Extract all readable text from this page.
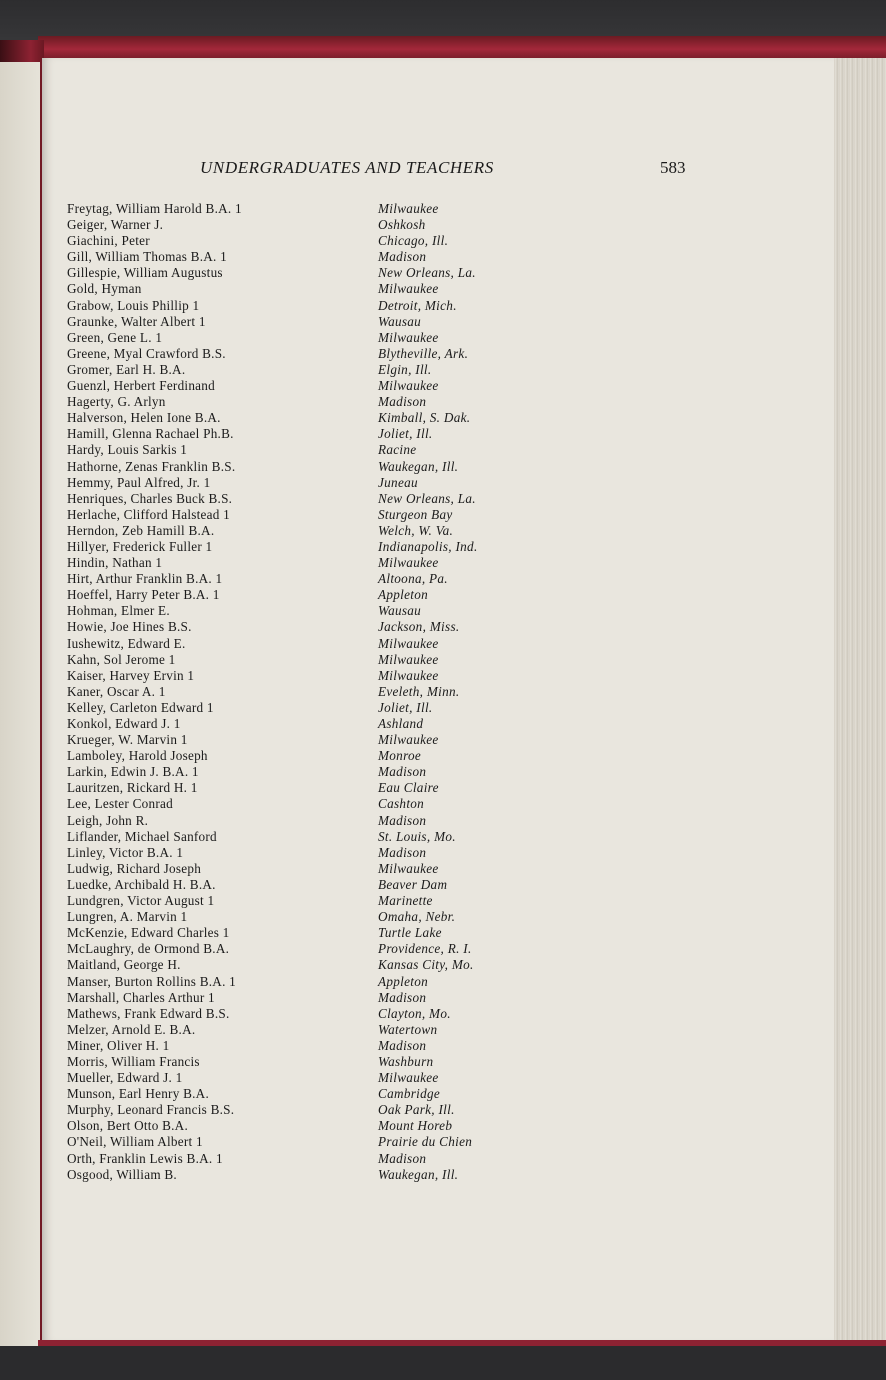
UNDERGRADUATES AND TEACHERS	583
Freytag, William Harold B.A. 1	Milwaukee
Geiger, Warner J.	Oshkosh
Giachini, Peter	Chicago, Ill.
Gill, William Thomas B.A. 1	Madison
Gillespie, William Augustus	New Orleans, La.
Gold, Hyman	Milwaukee
Grabow, Louis Phillip 1	Detroit, Mich.
Graunke, Walter Albert 1	Wausau
Green, Gene L. 1	Milwaukee
Greene, Myal Crawford B.S.	Blytheville, Ark.
Gromer, Earl H. B.A.	Elgin, Ill.
Guenzl, Herbert Ferdinand	Milwaukee
Hagerty, G. Arlyn	Madison
Halverson, Helen Ione B.A.	Kimball, S. Dak.
Hamill, Glenna Rachael Ph.B.	Joliet, Ill.
Hardy, Louis Sarkis 1	Racine
Hathorne, Zenas Franklin B.S.	Waukegan, Ill.
Hemmy, Paul Alfred, Jr. 1	Juneau
Henriques, Charles Buck B.S.	New Orleans, La.
Herlache, Clifford Halstead 1	Sturgeon Bay
Herndon, Zeb Hamill B.A.	Welch, W. Va.
Hillyer, Frederick Fuller 1	Indianapolis, Ind.
Hindin, Nathan 1	Milwaukee
Hirt, Arthur Franklin B.A. 1	Altoona, Pa.
Hoeffel, Harry Peter B.A. 1	Appleton
Hohman, Elmer E.	Wausau
Howie, Joe Hines B.S.	Jackson, Miss.
Iushewitz, Edward E.	Milwaukee
Kahn, Sol Jerome 1	Milwaukee
Kaiser, Harvey Ervin 1	Milwaukee
Kaner, Oscar A. 1	Eveleth, Minn.
Kelley, Carleton Edward 1	Joliet, Ill.
Konkol, Edward J. 1	Ashland
Krueger, W. Marvin 1	Milwaukee
Lamboley, Harold Joseph	Monroe
Larkin, Edwin J. B.A. 1	Madison
Lauritzen, Rickard H. 1	Eau Claire
Lee, Lester Conrad	Cashton
Leigh, John R.	Madison
Liflander, Michael Sanford	St. Louis, Mo.
Linley, Victor B.A. 1	Madison
Ludwig, Richard Joseph	Milwaukee
Luedke, Archibald H. B.A.	Beaver Dam
Lundgren, Victor August 1	Marinette
Lungren, A. Marvin 1	Omaha, Nebr.
McKenzie, Edward Charles 1	Turtle Lake
McLaughry, de Ormond B.A.	Providence, R. I.
Maitland, George H.	Kansas City, Mo.
Manser, Burton Rollins B.A. 1	Appleton
Marshall, Charles Arthur 1	Madison
Mathews, Frank Edward B.S.	Clayton, Mo.
Melzer, Arnold E. B.A.	Watertown
Miner, Oliver H. 1	Madison
Morris, William Francis	Washburn
Mueller, Edward J. 1	Milwaukee
Munson, Earl Henry B.A.	Cambridge
Murphy, Leonard Francis B.S.	Oak Park, Ill.
Olson, Bert Otto B.A.	Mount Horeb
O'Neil, William Albert 1	Prairie du Chien
Orth, Franklin Lewis B.A. 1	Madison
Osgood, William B.	Waukegan, Ill.
